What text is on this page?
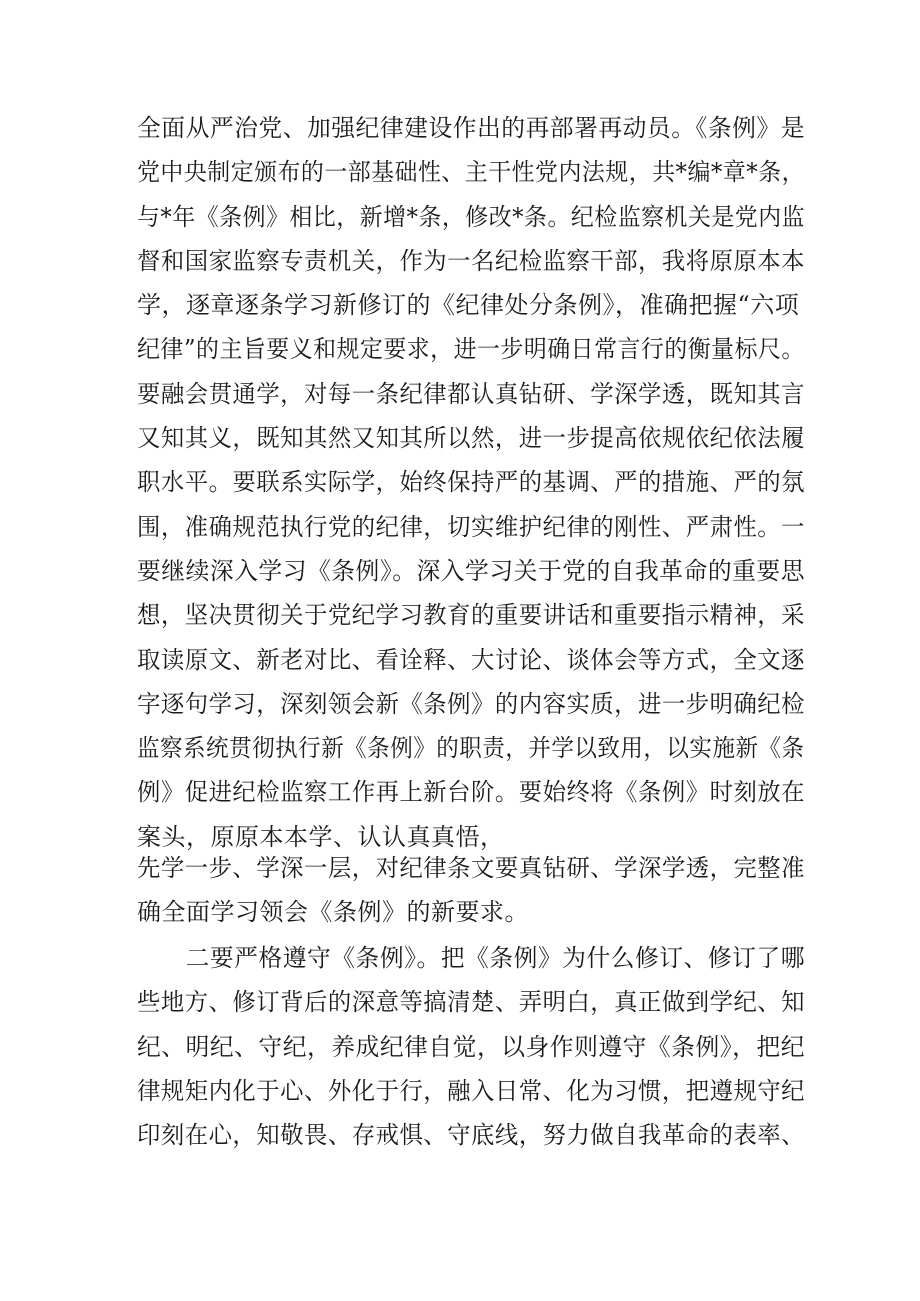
全面从严治党、加强纪律建设作出的再部署再动员。《条例》是
党中央制定颁布的一部基础性、主干性党内法规，共*编*章*条，
与*年《条例》相比，新增*条，修改*条。纪检监察机关是党内监
督和国家监察专责机关，作为一名纪检监察干部，我将原原本本
学，逐章逐条学习新修订的《纪律处分条例》，准确把握“六项
纪律”的主旨要义和规定要求，进一步明确日常言行的衡量标尺。
要融会贯通学，对每一条纪律都认真钻研、学深学透，既知其言
又知其义，既知其然又知其所以然，进一步提高依规依纪依法履
职水平。要联系实际学，始终保持严的基调、严的措施、严的氛
围，准确规范执行党的纪律，切实维护纪律的刚性、严肃性。一
要继续深入学习《条例》。深入学习关于党的自我革命的重要思
想，坚决贯彻关于党纪学习教育的重要讲话和重要指示精神，采
取读原文、新老对比、看诠释、大讨论、谈体会等方式，全文逐
字逐句学习，深刻领会新《条例》的内容实质，进一步明确纪检
监察系统贯彻执行新《条例》的职责，并学以致用，以实施新《条
例》促进纪检监察工作再上新台阶。要始终将《条例》时刻放在
案头，原原本本学、认认真真悟，
先学一步、学深一层，对纪律条文要真钻研、学深学透，完整准
确全面学习领会《条例》的新要求。
　　二要严格遵守《条例》。把《条例》为什么修订、修订了哪
些地方、修订背后的深意等搞清楚、弄明白，真正做到学纪、知
纪、明纪、守纪，养成纪律自觉，以身作则遵守《条例》，把纪
律规矩内化于心、外化于行，融入日常、化为习惯，把遵规守纪
印刻在心，知敬畏、存戒惧、守底线，努力做自我革命的表率、
